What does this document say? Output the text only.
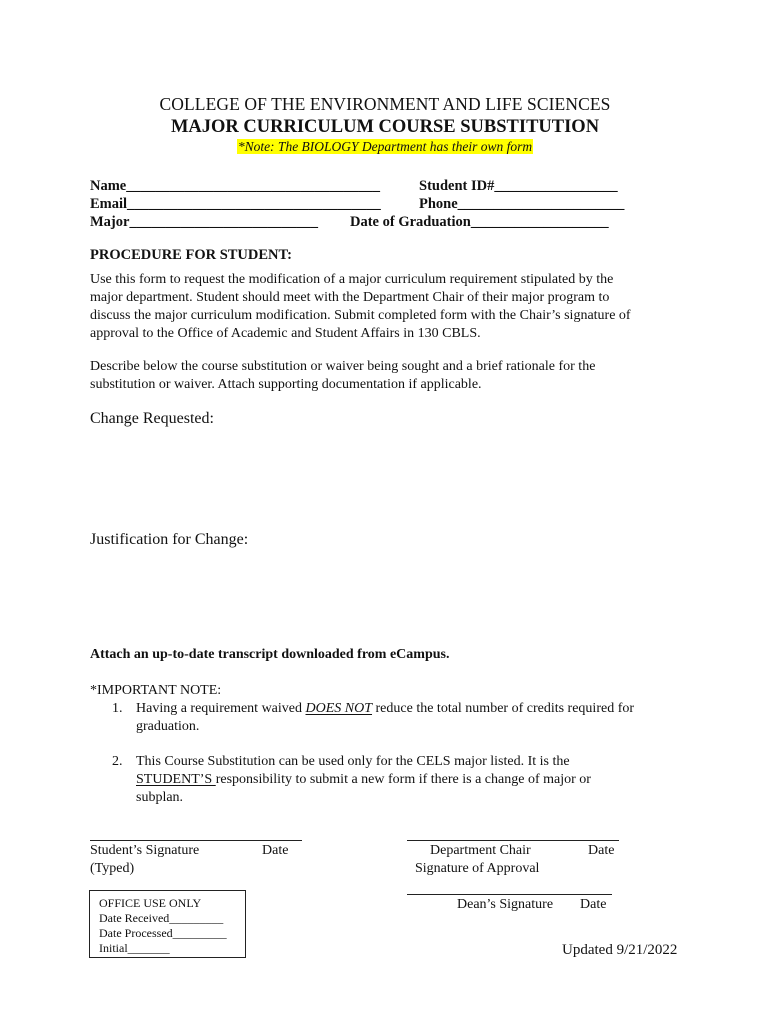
COLLEGE OF THE ENVIRONMENT AND LIFE SCIENCES
MAJOR CURRICULUM COURSE SUBSTITUTION
*Note: The BIOLOGY Department has their own form
Name___________________________________	Student ID#_________________
Email___________________________________	Phone_______________________
Major__________________________ Date of Graduation___________________
PROCEDURE FOR STUDENT:
Use this form to request the modification of a major curriculum requirement stipulated by the
major department. Student should meet with the Department Chair of their major program to
discuss the major curriculum modification. Submit completed form with the Chair’s signature of
approval to the Office of Academic and Student Affairs in 130 CBLS.
Describe below the course substitution or waiver being sought and a brief rationale for the
substitution or waiver. Attach supporting documentation if applicable.
Change Requested:
Justification for Change:
Attach an up-to-date transcript downloaded from eCampus.
*IMPORTANT NOTE:
1. Having a requirement waived DOES NOT reduce the total number of credits required for
graduation.
2. This Course Substitution can be used only for the CELS major listed. It is the
STUDENT’S responsibility to submit a new form if there is a change of major or
subplan.
Student’s Signature	Date
(Typed)
Department Chair	Date
Signature of Approval
Dean’s Signature Date
OFFICE USE ONLY
Date Received_________
Date Processed_________
Initial_______	Updated 9/21/2022
